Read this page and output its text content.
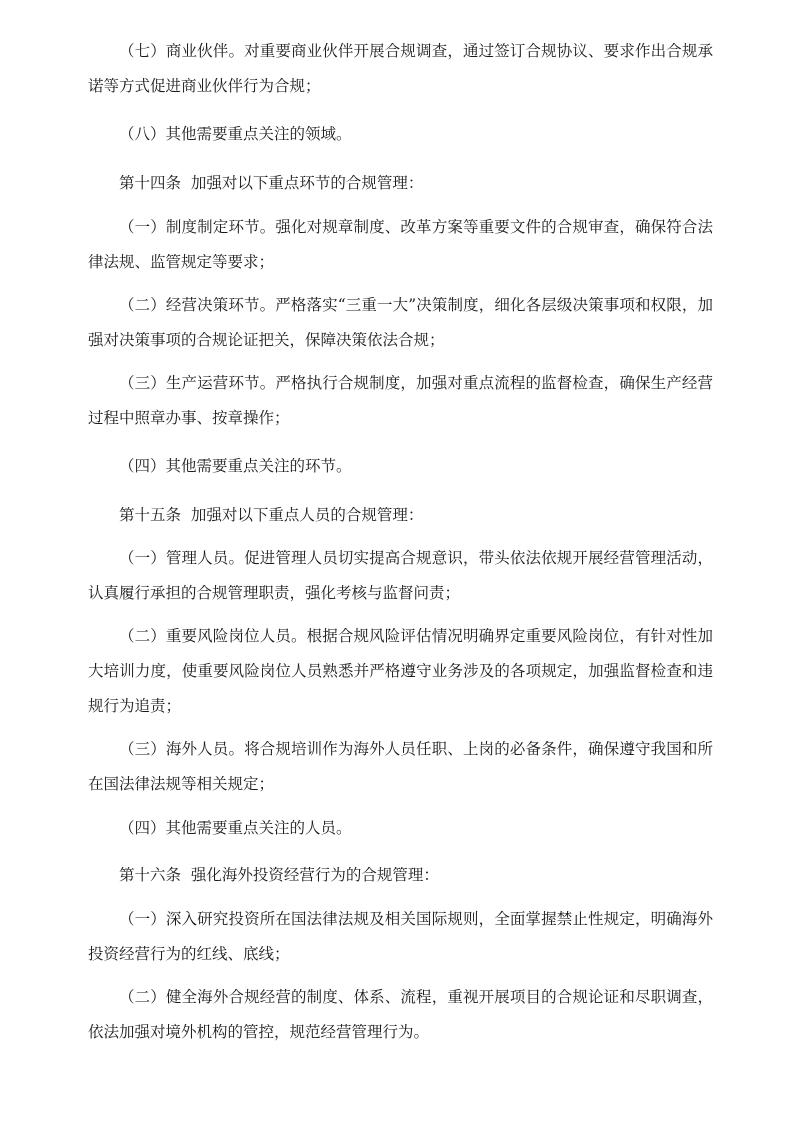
（七）商业伙伴。对重要商业伙伴开展合规调查，通过签订合规协议、要求作出合规承诺等方式促进商业伙伴行为合规；

（八）其他需要重点关注的领域。

第十四条  加强对以下重点环节的合规管理：

（一）制度制定环节。强化对规章制度、改革方案等重要文件的合规审查，确保符合法律法规、监管规定等要求；

（二）经营决策环节。严格落实“三重一大”决策制度，细化各层级决策事项和权限，加强对决策事项的合规论证把关，保障决策依法合规；

（三）生产运营环节。严格执行合规制度，加强对重点流程的监督检查，确保生产经营过程中照章办事、按章操作；

（四）其他需要重点关注的环节。

第十五条  加强对以下重点人员的合规管理：

（一）管理人员。促进管理人员切实提高合规意识，带头依法依规开展经营管理活动，认真履行承担的合规管理职责，强化考核与监督问责；

（二）重要风险岗位人员。根据合规风险评估情况明确界定重要风险岗位，有针对性加大培训力度，使重要风险岗位人员熟悉并严格遵守业务涉及的各项规定，加强监督检查和违规行为追责；

（三）海外人员。将合规培训作为海外人员任职、上岗的必备条件，确保遵守我国和所在国法律法规等相关规定；

（四）其他需要重点关注的人员。

第十六条  强化海外投资经营行为的合规管理：

（一）深入研究投资所在国法律法规及相关国际规则，全面掌握禁止性规定，明确海外投资经营行为的红线、底线；

（二）健全海外合规经营的制度、体系、流程，重视开展项目的合规论证和尽职调查，依法加强对境外机构的管控，规范经营管理行为。
